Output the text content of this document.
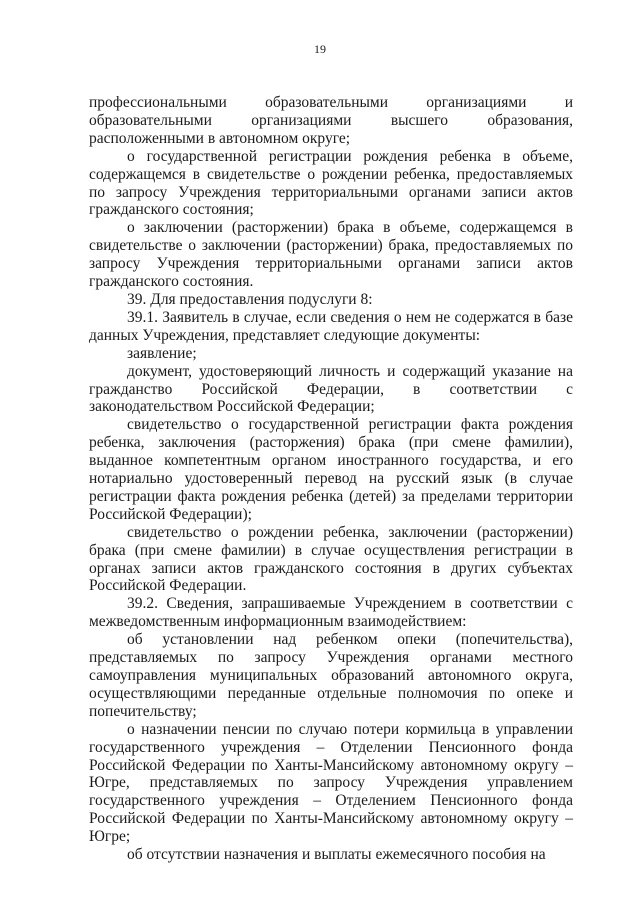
19

профессиональными образовательными организациями и образовательными организациями высшего образования, расположенными в автономном округе;

о государственной регистрации рождения ребенка в объеме, содержащемся в свидетельстве о рождении ребенка, предоставляемых по запросу Учреждения территориальными органами записи актов гражданского состояния;

о заключении (расторжении) брака в объеме, содержащемся в свидетельстве о заключении (расторжении) брака, предоставляемых по запросу Учреждения территориальными органами записи актов гражданского состояния.

39. Для предоставления подуслуги 8:

39.1. Заявитель в случае, если сведения о нем не содержатся в базе данных Учреждения, представляет следующие документы:

заявление;

документ, удостоверяющий личность и содержащий указание на гражданство Российской Федерации, в соответствии с законодательством Российской Федерации;

свидетельство о государственной регистрации факта рождения ребенка, заключения (расторжения) брака (при смене фамилии), выданное компетентным органом иностранного государства, и его нотариально удостоверенный перевод на русский язык (в случае регистрации факта рождения ребенка (детей) за пределами территории Российской Федерации);

свидетельство о рождении ребенка, заключении (расторжении) брака (при смене фамилии) в случае осуществления регистрации в органах записи актов гражданского состояния в других субъектах Российской Федерации.

39.2. Сведения, запрашиваемые Учреждением в соответствии с межведомственным информационным взаимодействием:

об установлении над ребенком опеки (попечительства), представляемых по запросу Учреждения органами местного самоуправления муниципальных образований автономного округа, осуществляющими переданные отдельные полномочия по опеке и попечительству;

о назначении пенсии по случаю потери кормильца в управлении государственного учреждения – Отделении Пенсионного фонда Российской Федерации по Ханты-Мансийскому автономному округу – Югре, представляемых по запросу Учреждения управлением государственного учреждения – Отделением Пенсионного фонда Российской Федерации по Ханты-Мансийскому автономному округу – Югре;

об отсутствии назначения и выплаты ежемесячного пособия на
